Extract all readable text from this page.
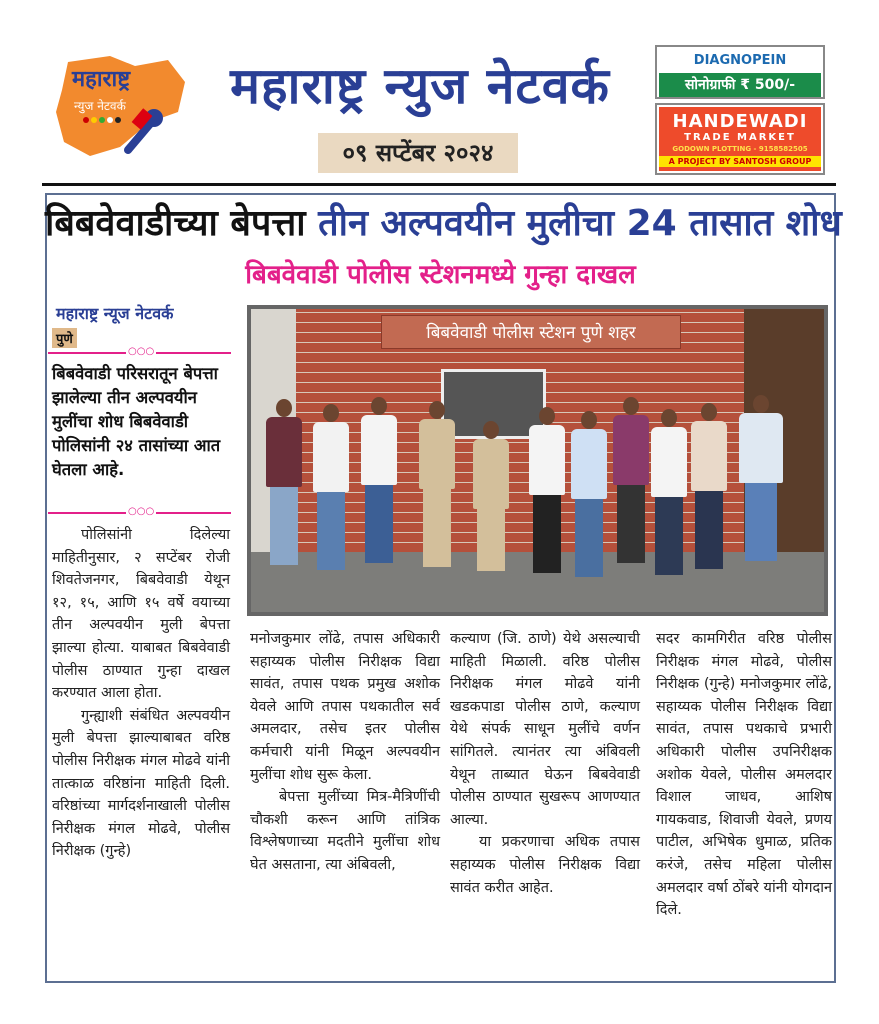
महाराष्ट्र
न्युज नेटवर्क	महाराष्ट्र न्युज नेटवर्क
०९ सप्टेंबर २०२४
DIAGNOPEIN
सोनोग्राफी ₹ 500/-
HANDEWADI
TRADE MARKET
GODOWN PLOTTING - 9158582505
A PROJECT BY SANTOSH GROUP
बिबवेवाडीच्या बेपत्ता तीन अल्पवयीन मुलीचा 24 तासात शोध
बिबवेवाडी पोलीस स्टेशनमध्ये गुन्हा दाखल
महाराष्ट्र न्यूज नेटवर्क
पुणे
○○○
बिबवेवाडी परिसरातून बेपत्ता झालेल्या तीन अल्पवयीन मुलींचा शोध बिबवेवाडी पोलिसांनी २४ तासांच्या आत घेतला आहे.
○○○
बिबवेवाडी पोलीस स्टेशन पुणे शहर

पोलिसांनी दिलेल्या माहितीनुसार, २ सप्टेंबर रोजी शिवतेजनगर, बिबवेवाडी येथून १२, १५, आणि १५ वर्षे वयाच्या तीन अल्पवयीन मुली बेपत्ता झाल्या होत्या. याबाबत बिबवेवाडी पोलीस ठाण्यात गुन्हा दाखल करण्यात आला होता.

गुन्ह्याशी संबंधित अल्पवयीन मुली बेपत्ता झाल्याबाबत वरिष्ठ पोलीस निरीक्षक मंगल मोढवे यांनी तात्काळ वरिष्ठांना माहिती दिली. वरिष्ठांच्या मार्गदर्शनाखाली पोलीस निरीक्षक मंगल मोढवे, पोलीस निरीक्षक (गुन्हे)

मनोजकुमार लोंढे, तपास अधिकारी सहाय्यक पोलीस निरीक्षक विद्या सावंत, तपास पथक प्रमुख अशोक येवले आणि तपास पथकातील सर्व अमलदार, तसेच इतर पोलीस कर्मचारी यांनी मिळून अल्पवयीन मुलींचा शोध सुरू केला.

बेपत्ता मुलींच्या मित्र-मैत्रिणींची चौकशी करून आणि तांत्रिक विश्लेषणाच्या मदतीने मुलींचा शोध घेत असताना, त्या अंबिवली,

कल्याण (जि. ठाणे) येथे असल्याची माहिती मिळाली. वरिष्ठ पोलीस निरीक्षक मंगल मोढवे यांनी खडकपाडा पोलीस ठाणे, कल्याण येथे संपर्क साधून मुलींचे वर्णन सांगितले. त्यानंतर त्या अंबिवली येथून ताब्यात घेऊन बिबवेवाडी पोलीस ठाण्यात सुखरूप आणण्यात आल्या.

या प्रकरणाचा अधिक तपास सहाय्यक पोलीस निरीक्षक विद्या सावंत करीत आहेत.

सदर कामगिरीत वरिष्ठ पोलीस निरीक्षक मंगल मोढवे, पोलीस निरीक्षक (गुन्हे) मनोजकुमार लोंढे, सहाय्यक पोलीस निरीक्षक विद्या सावंत, तपास पथकाचे प्रभारी अधिकारी पोलीस उपनिरीक्षक अशोक येवले, पोलीस अमलदार विशाल जाधव, आशिष गायकवाड, शिवाजी येवले, प्रणय पाटील, अभिषेक धुमाळ, प्रतिक करंजे, तसेच महिला पोलीस अमलदार वर्षा ठोंबरे यांनी योगदान दिले.
